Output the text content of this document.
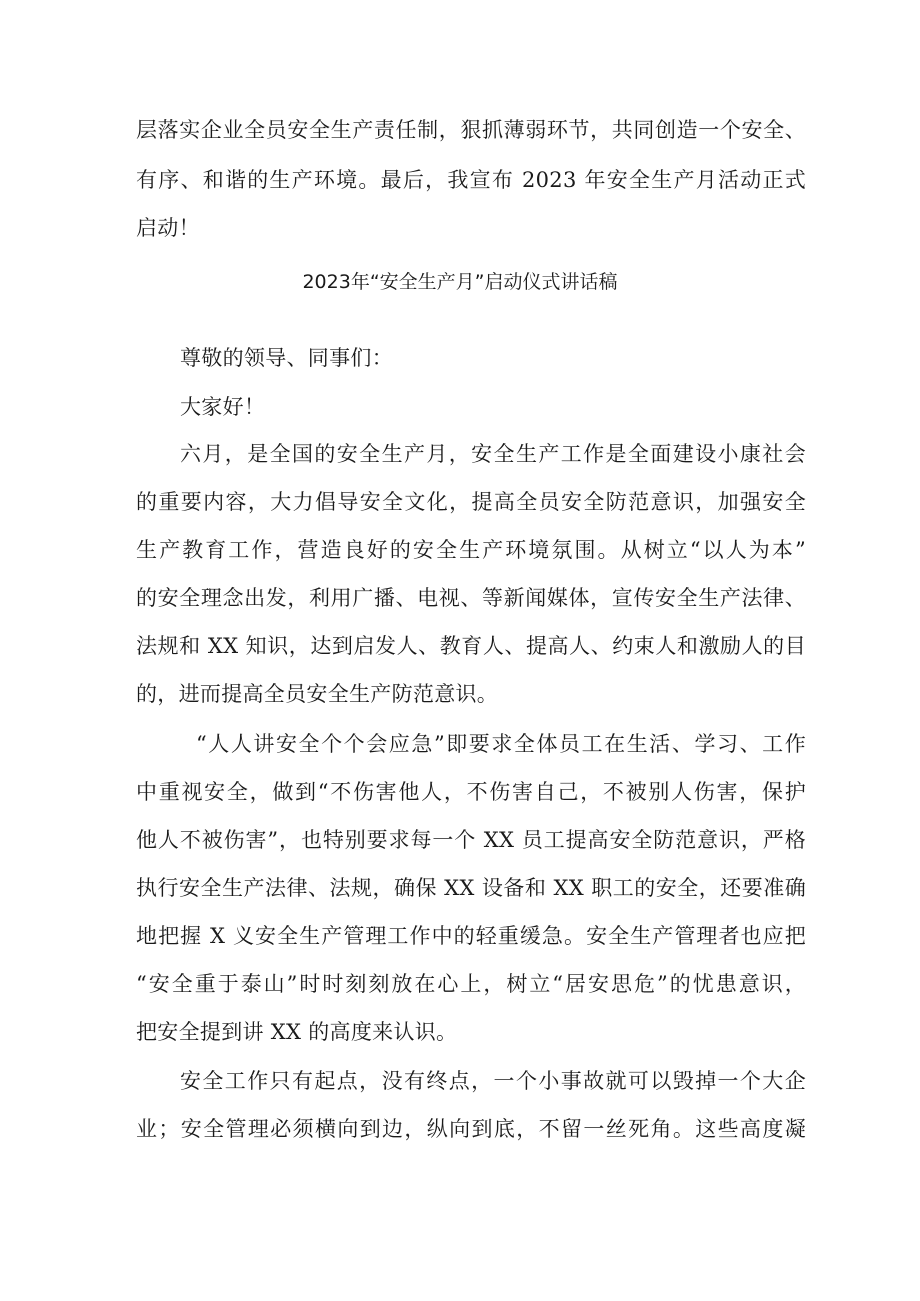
层落实企业全员安全生产责任制，狠抓薄弱环节，共同创造一个安全、
有序、和谐的生产环境。最后，我宣布 2023 年安全生产月活动正式
启动！
2023年“安全生产月”启动仪式讲话稿
尊敬的领导、同事们：
大家好！
六月，是全国的安全生产月，安全生产工作是全面建设小康社会
的重要内容，大力倡导安全文化，提高全员安全防范意识，加强安全
生产教育工作，营造良好的安全生产环境氛围。从树立“以人为本”
的安全理念出发，利用广播、电视、等新闻媒体，宣传安全生产法律、
法规和 XX 知识，达到启发人、教育人、提高人、约束人和激励人的目
的，进而提高全员安全生产防范意识。
“人人讲安全个个会应急”即要求全体员工在生活、学习、工作
中重视安全，做到“不伤害他人，不伤害自己，不被别人伤害，保护
他人不被伤害”，也特别要求每一个 XX 员工提高安全防范意识，严格
执行安全生产法律、法规，确保 XX 设备和 XX 职工的安全，还要准确
地把握 X 义安全生产管理工作中的轻重缓急。安全生产管理者也应把
“安全重于泰山”时时刻刻放在心上，树立“居安思危”的忧患意识，
把安全提到讲 XX 的高度来认识。
安全工作只有起点，没有终点，一个小事故就可以毁掉一个大企
业；安全管理必须横向到边，纵向到底，不留一丝死角。这些高度凝
